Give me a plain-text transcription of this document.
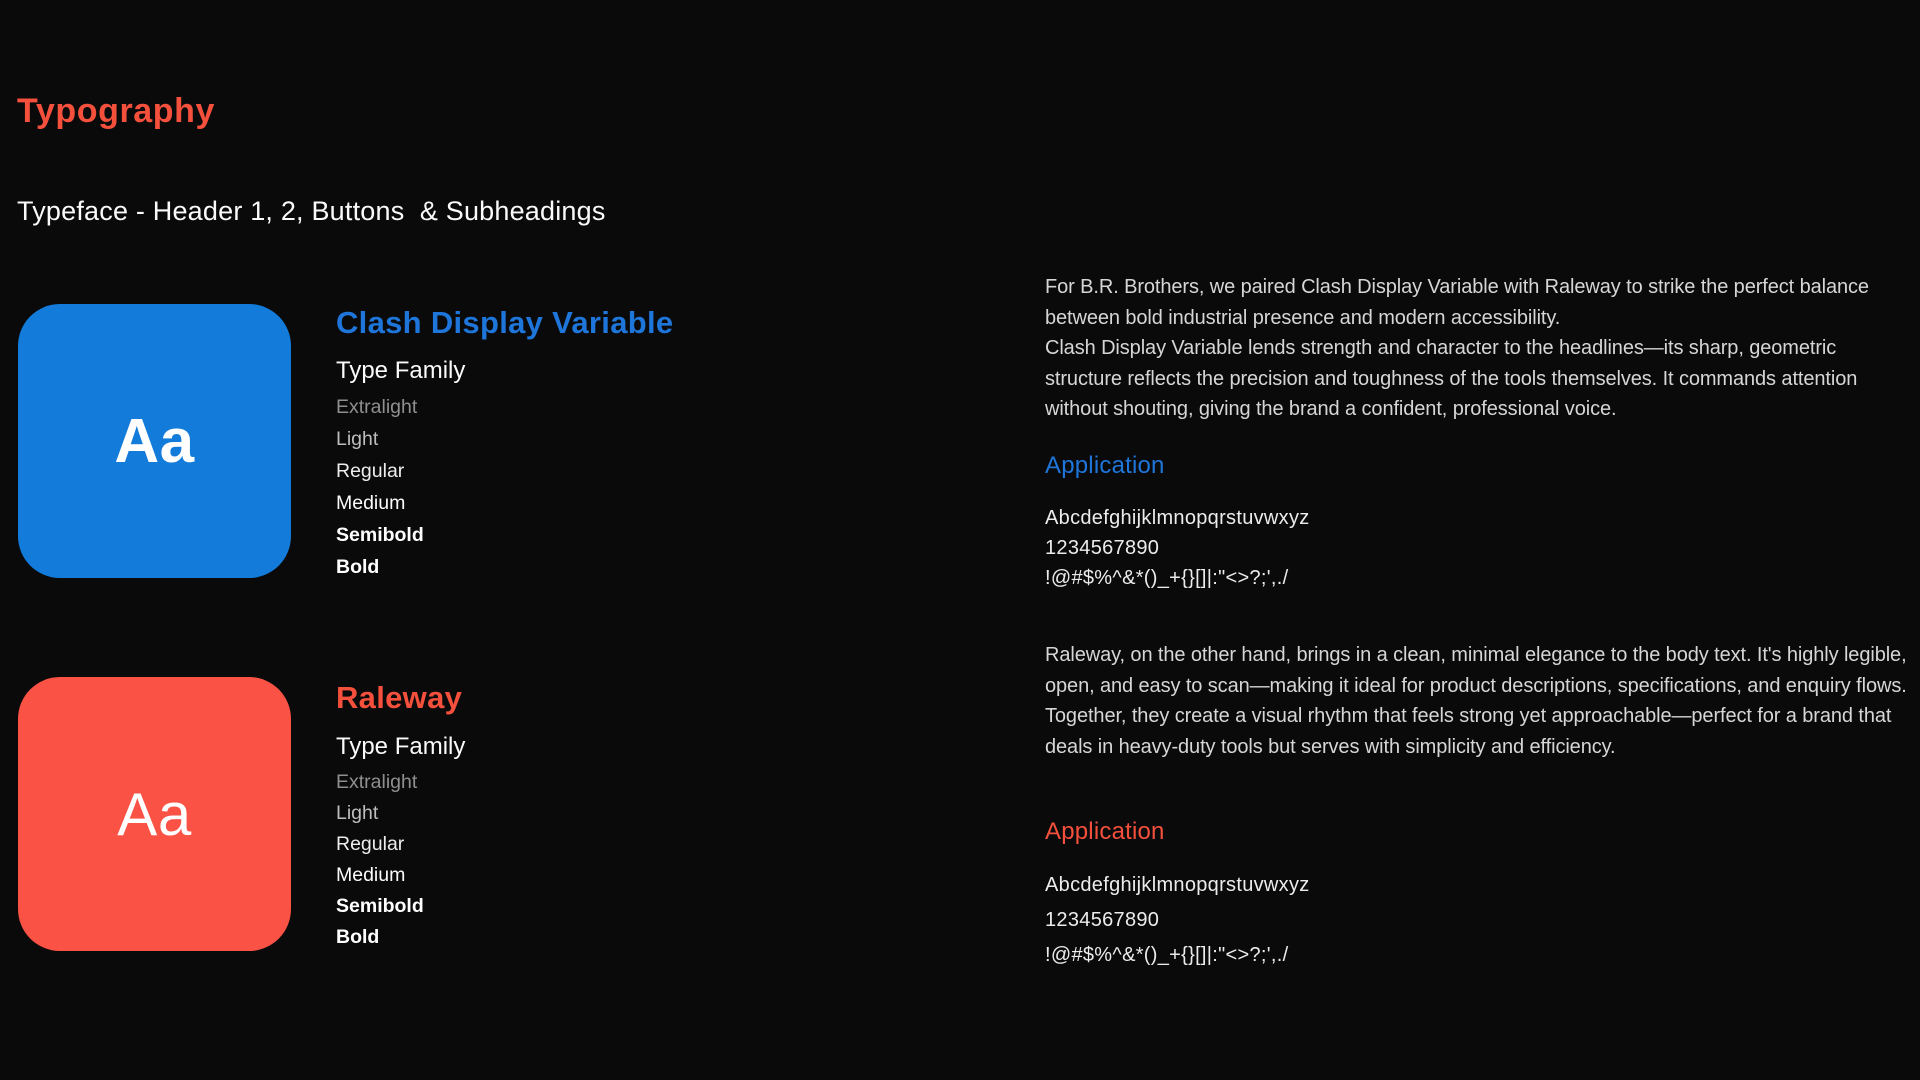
Typography
Typeface - Header 1, 2, Buttons  & Subheadings
Aa
Clash Display Variable
Type Family
Extralight
Light
Regular
Medium
Semibold
Bold

For B.R. Brothers, we paired Clash Display Variable with Raleway to strike the perfect balance between bold industrial presence and modern accessibility.

Clash Display Variable lends strength and character to the headlines—its sharp, geometric structure reflects the precision and toughness of the tools themselves. It commands attention without shouting, giving the brand a confident, professional voice.

Application
Abcdefghijklmnopqrstuvwxyz
1234567890
!@#$%^&*()_+{}[]|:"<>?;',./
Aa
Raleway
Type Family
Extralight
Light
Regular
Medium
Semibold
Bold

Raleway, on the other hand, brings in a clean, minimal elegance to the body text. It's highly legible, open, and easy to scan—making it ideal for product descriptions, specifications, and enquiry flows.

Together, they create a visual rhythm that feels strong yet approachable—perfect for a brand that deals in heavy-duty tools but serves with simplicity and efficiency.

Application
Abcdefghijklmnopqrstuvwxyz
1234567890
!@#$%^&*()_+{}[]|:"<>?;',./
